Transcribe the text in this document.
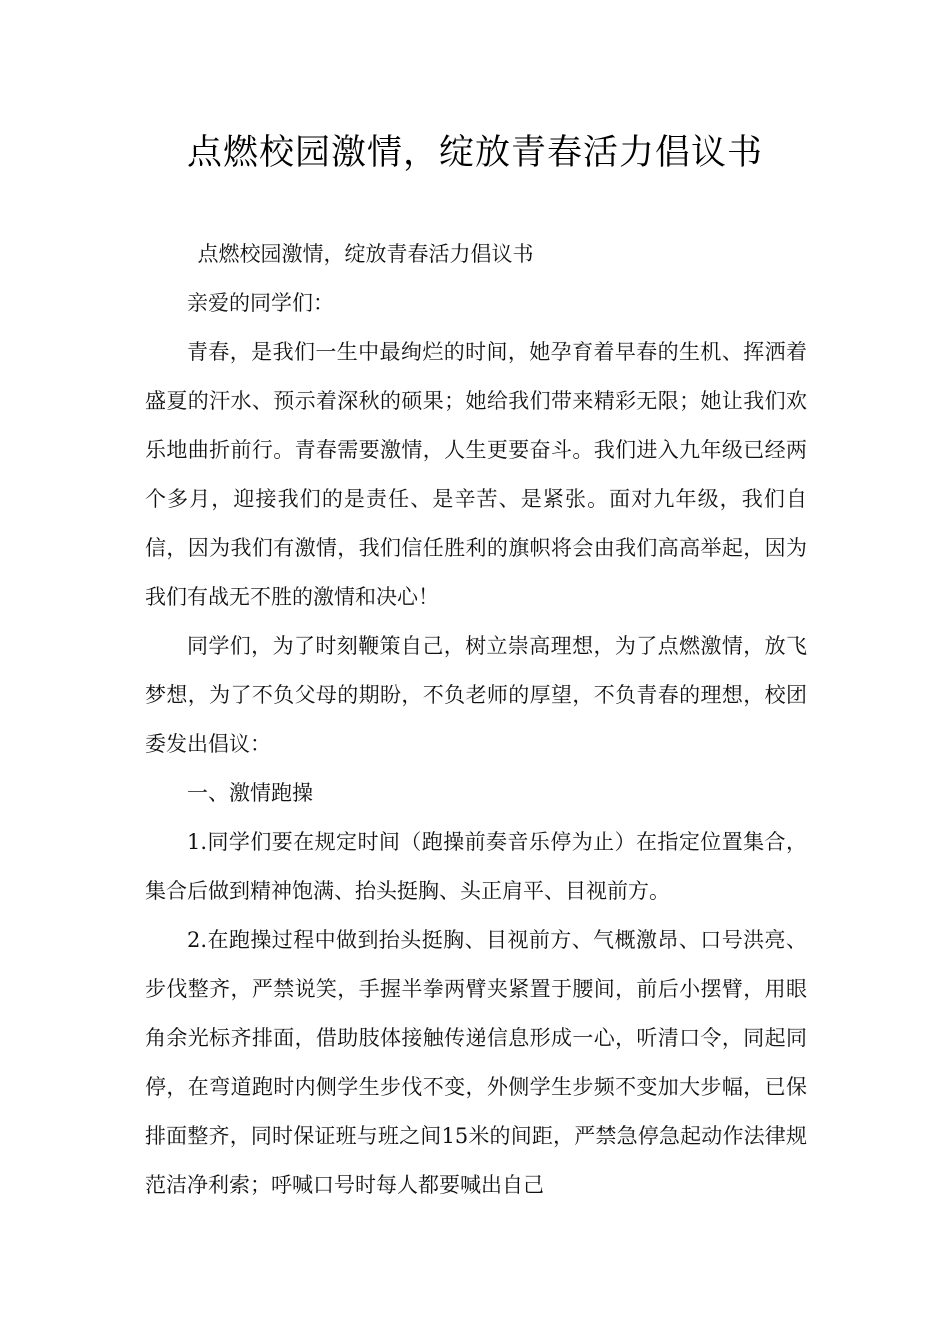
点燃校园激情，绽放青春活力倡议书

点燃校园激情，绽放青春活力倡议书

亲爱的同学们：

青春，是我们一生中最绚烂的时间，她孕育着早春的生机、挥洒着盛夏的汗水、预示着深秋的硕果；她给我们带来精彩无限；她让我们欢乐地曲折前行。青春需要激情，人生更要奋斗。我们进入九年级已经两个多月，迎接我们的是责任、是辛苦、是紧张。面对九年级，我们自信，因为我们有激情，我们信任胜利的旗帜将会由我们高高举起，因为我们有战无不胜的激情和决心！

同学们，为了时刻鞭策自己，树立崇高理想，为了点燃激情，放飞梦想，为了不负父母的期盼，不负老师的厚望，不负青春的理想，校团委发出倡议：

一、激情跑操

1.同学们要在规定时间（跑操前奏音乐停为止）在指定位置集合，集合后做到精神饱满、抬头挺胸、头正肩平、目视前方。

2.在跑操过程中做到抬头挺胸、目视前方、气概激昂、口号洪亮、步伐整齐，严禁说笑，手握半拳两臂夹紧置于腰间，前后小摆臂，用眼角余光标齐排面，借助肢体接触传递信息形成一心，听清口令，同起同停，在弯道跑时内侧学生步伐不变，外侧学生步频不变加大步幅，已保排面整齐，同时保证班与班之间15米的间距，严禁急停急起动作法律规范洁净利索；呼喊口号时每人都要喊出自己
